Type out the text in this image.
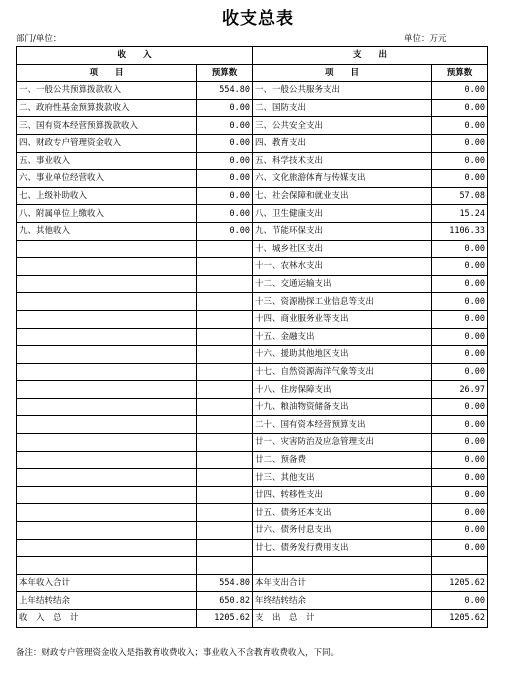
收支总表
部门/单位：	单位：万元
收　　入		支　　出	
项　　目	预算数	项　　目	预算数
一、一般公共预算拨款收入	554.80	一、一般公共服务支出	0.00
二、政府性基金预算拨款收入	0.00	二、国防支出	0.00
三、国有资本经营预算拨款收入	0.00	三、公共安全支出	0.00
四、财政专户管理资金收入	0.00	四、教育支出	0.00
五、事业收入	0.00	五、科学技术支出	0.00
六、事业单位经营收入	0.00	六、文化旅游体育与传媒支出	0.00
七、上级补助收入	0.00	七、社会保障和就业支出	57.08
八、附属单位上缴收入	0.00	八、卫生健康支出	15.24
九、其他收入	0.00	九、节能环保支出	1106.33
		十、城乡社区支出	0.00
		十一、农林水支出	0.00
		十二、交通运输支出	0.00
		十三、资源勘探工业信息等支出	0.00
		十四、商业服务业等支出	0.00
		十五、金融支出	0.00
		十六、援助其他地区支出	0.00
		十七、自然资源海洋气象等支出	0.00
		十八、住房保障支出	26.97
		十九、粮油物资储备支出	0.00
		二十、国有资本经营预算支出	0.00
		廿一、灾害防治及应急管理支出	0.00
		廿二、预备费	0.00
		廿三、其他支出	0.00
		廿四、转移性支出	0.00
		廿五、债务还本支出	0.00
		廿六、债务付息支出	0.00
		廿七、债务发行费用支出	0.00

本年收入合计	554.80	本年支出合计	1205.62
上年结转结余	650.82	年终结转结余	0.00
收　入　总　计	1205.62	支　出　总　计	1205.62
备注：财政专户管理资金收入是指教育收费收入；事业收入不含教育收费收入，下同。
